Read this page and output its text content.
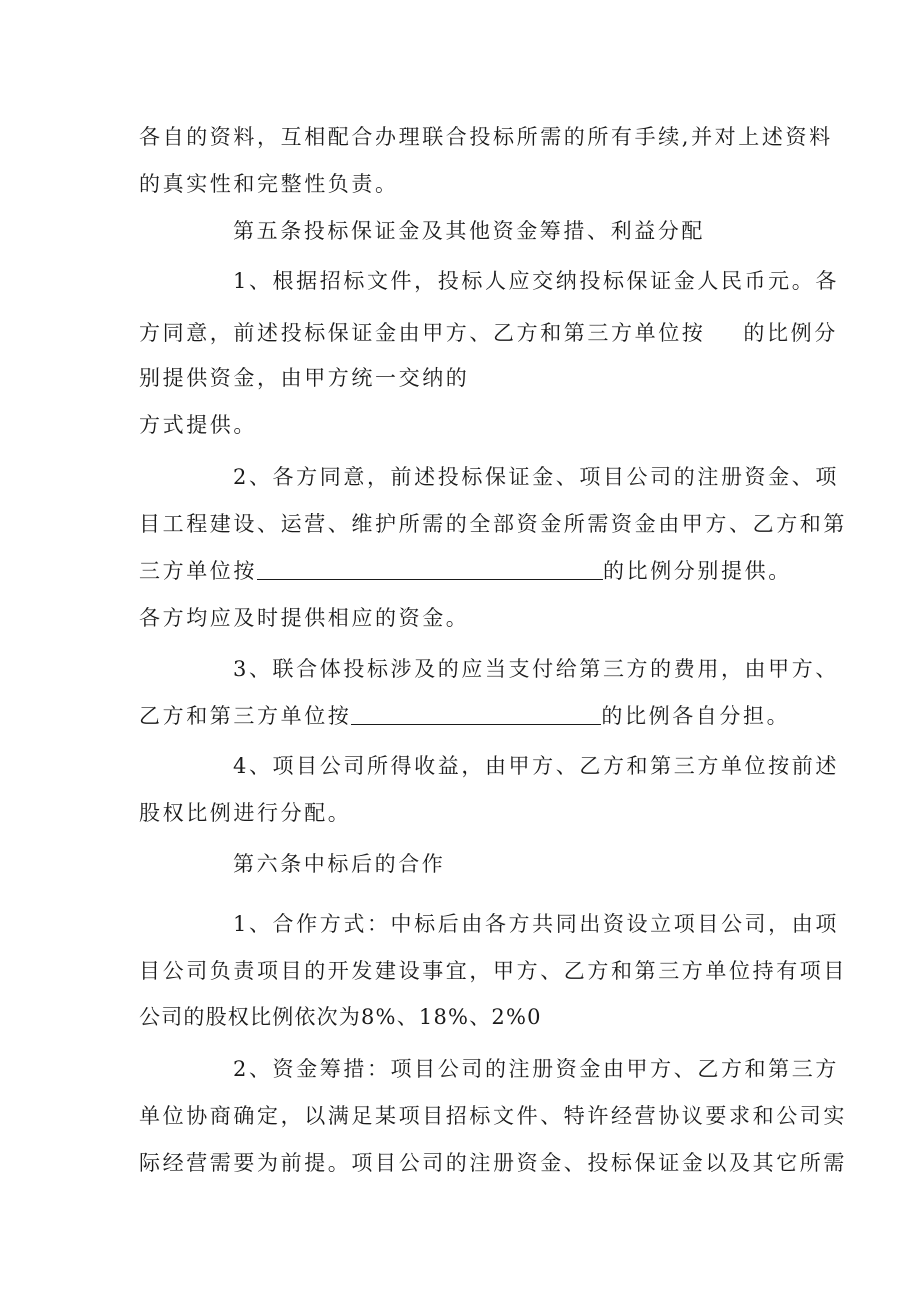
各自的资料，互相配合办理联合投标所需的所有手续,并对上述资料
的真实性和完整性负责。
第五条投标保证金及其他资金筹措、利益分配
1、根据招标文件，投标人应交纳投标保证金人民币元。各
方同意，前述投标保证金由甲方、乙方和第三方单位按 的比例分
别提供资金，由甲方统一交纳的
方式提供。
2、各方同意，前述投标保证金、项目公司的注册资金、项
目工程建设、运营、维护所需的全部资金所需资金由甲方、乙方和第
三方单位按	的比例分别提供。
各方均应及时提供相应的资金。
3、联合体投标涉及的应当支付给第三方的费用，由甲方、
乙方和第三方单位按	的比例各自分担。
4、项目公司所得收益，由甲方、乙方和第三方单位按前述
股权比例进行分配。
第六条中标后的合作
1、合作方式：中标后由各方共同出资设立项目公司，由项
目公司负责项目的开发建设事宜，甲方、乙方和第三方单位持有项目
公司的股权比例依次为8%、18%、2%0
2、资金筹措：项目公司的注册资金由甲方、乙方和第三方
单位协商确定，以满足某项目招标文件、特许经营协议要求和公司实
际经营需要为前提。项目公司的注册资金、投标保证金以及其它所需
